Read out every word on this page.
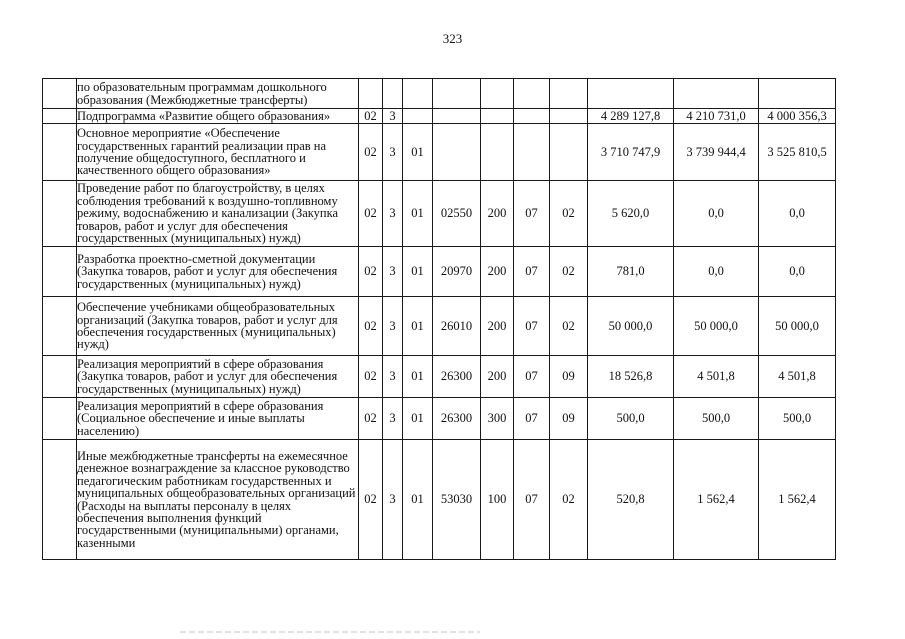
323
	по образовательным программам дошкольного образования (Межбюджетные трансферты)										
	Подпрограмма «Развитие общего образования»	02	3						4 289 127,8	4 210 731,0	4 000 356,3
	Основное мероприятие «Обеспечение государственных гарантий реализации прав на получение общедоступного, бесплатного и качественного общего образования»	02	3	01					3 710 747,9	3 739 944,4	3 525 810,5
	Проведение работ по благоустройству, в целях соблюдения требований к воздушно-топливному режиму, водоснабжению и канализации (Закупка товаров, работ и услуг для обеспечения государственных (муниципальных) нужд)	02	3	01	02550	200	07	02	5 620,0	0,0	0,0
	Разработка проектно-сметной документации (Закупка товаров, работ и услуг для обеспечения государственных (муниципальных) нужд)	02	3	01	20970	200	07	02	781,0	0,0	0,0
	Обеспечение учебниками общеобразовательных организаций (Закупка товаров, работ и услуг для обеспечения государственных (муниципальных) нужд)	02	3	01	26010	200	07	02	50 000,0	50 000,0	50 000,0
	Реализация мероприятий в сфере образования (Закупка товаров, работ и услуг для обеспечения государственных (муниципальных) нужд)	02	3	01	26300	200	07	09	18 526,8	4 501,8	4 501,8
	Реализация мероприятий в сфере образования (Социальное обеспечение и иные выплаты населению)	02	3	01	26300	300	07	09	500,0	500,0	500,0
	Иные межбюджетные трансферты на ежемесячное денежное вознаграждение за классное руководство педагогическим работникам государственных и муниципальных общеобразовательных организаций (Расходы на выплаты персоналу в целях обеспечения выполнения функций государственными (муниципальными) органами, казенными	02	3	01	53030	100	07	02	520,8	1 562,4	1 562,4
